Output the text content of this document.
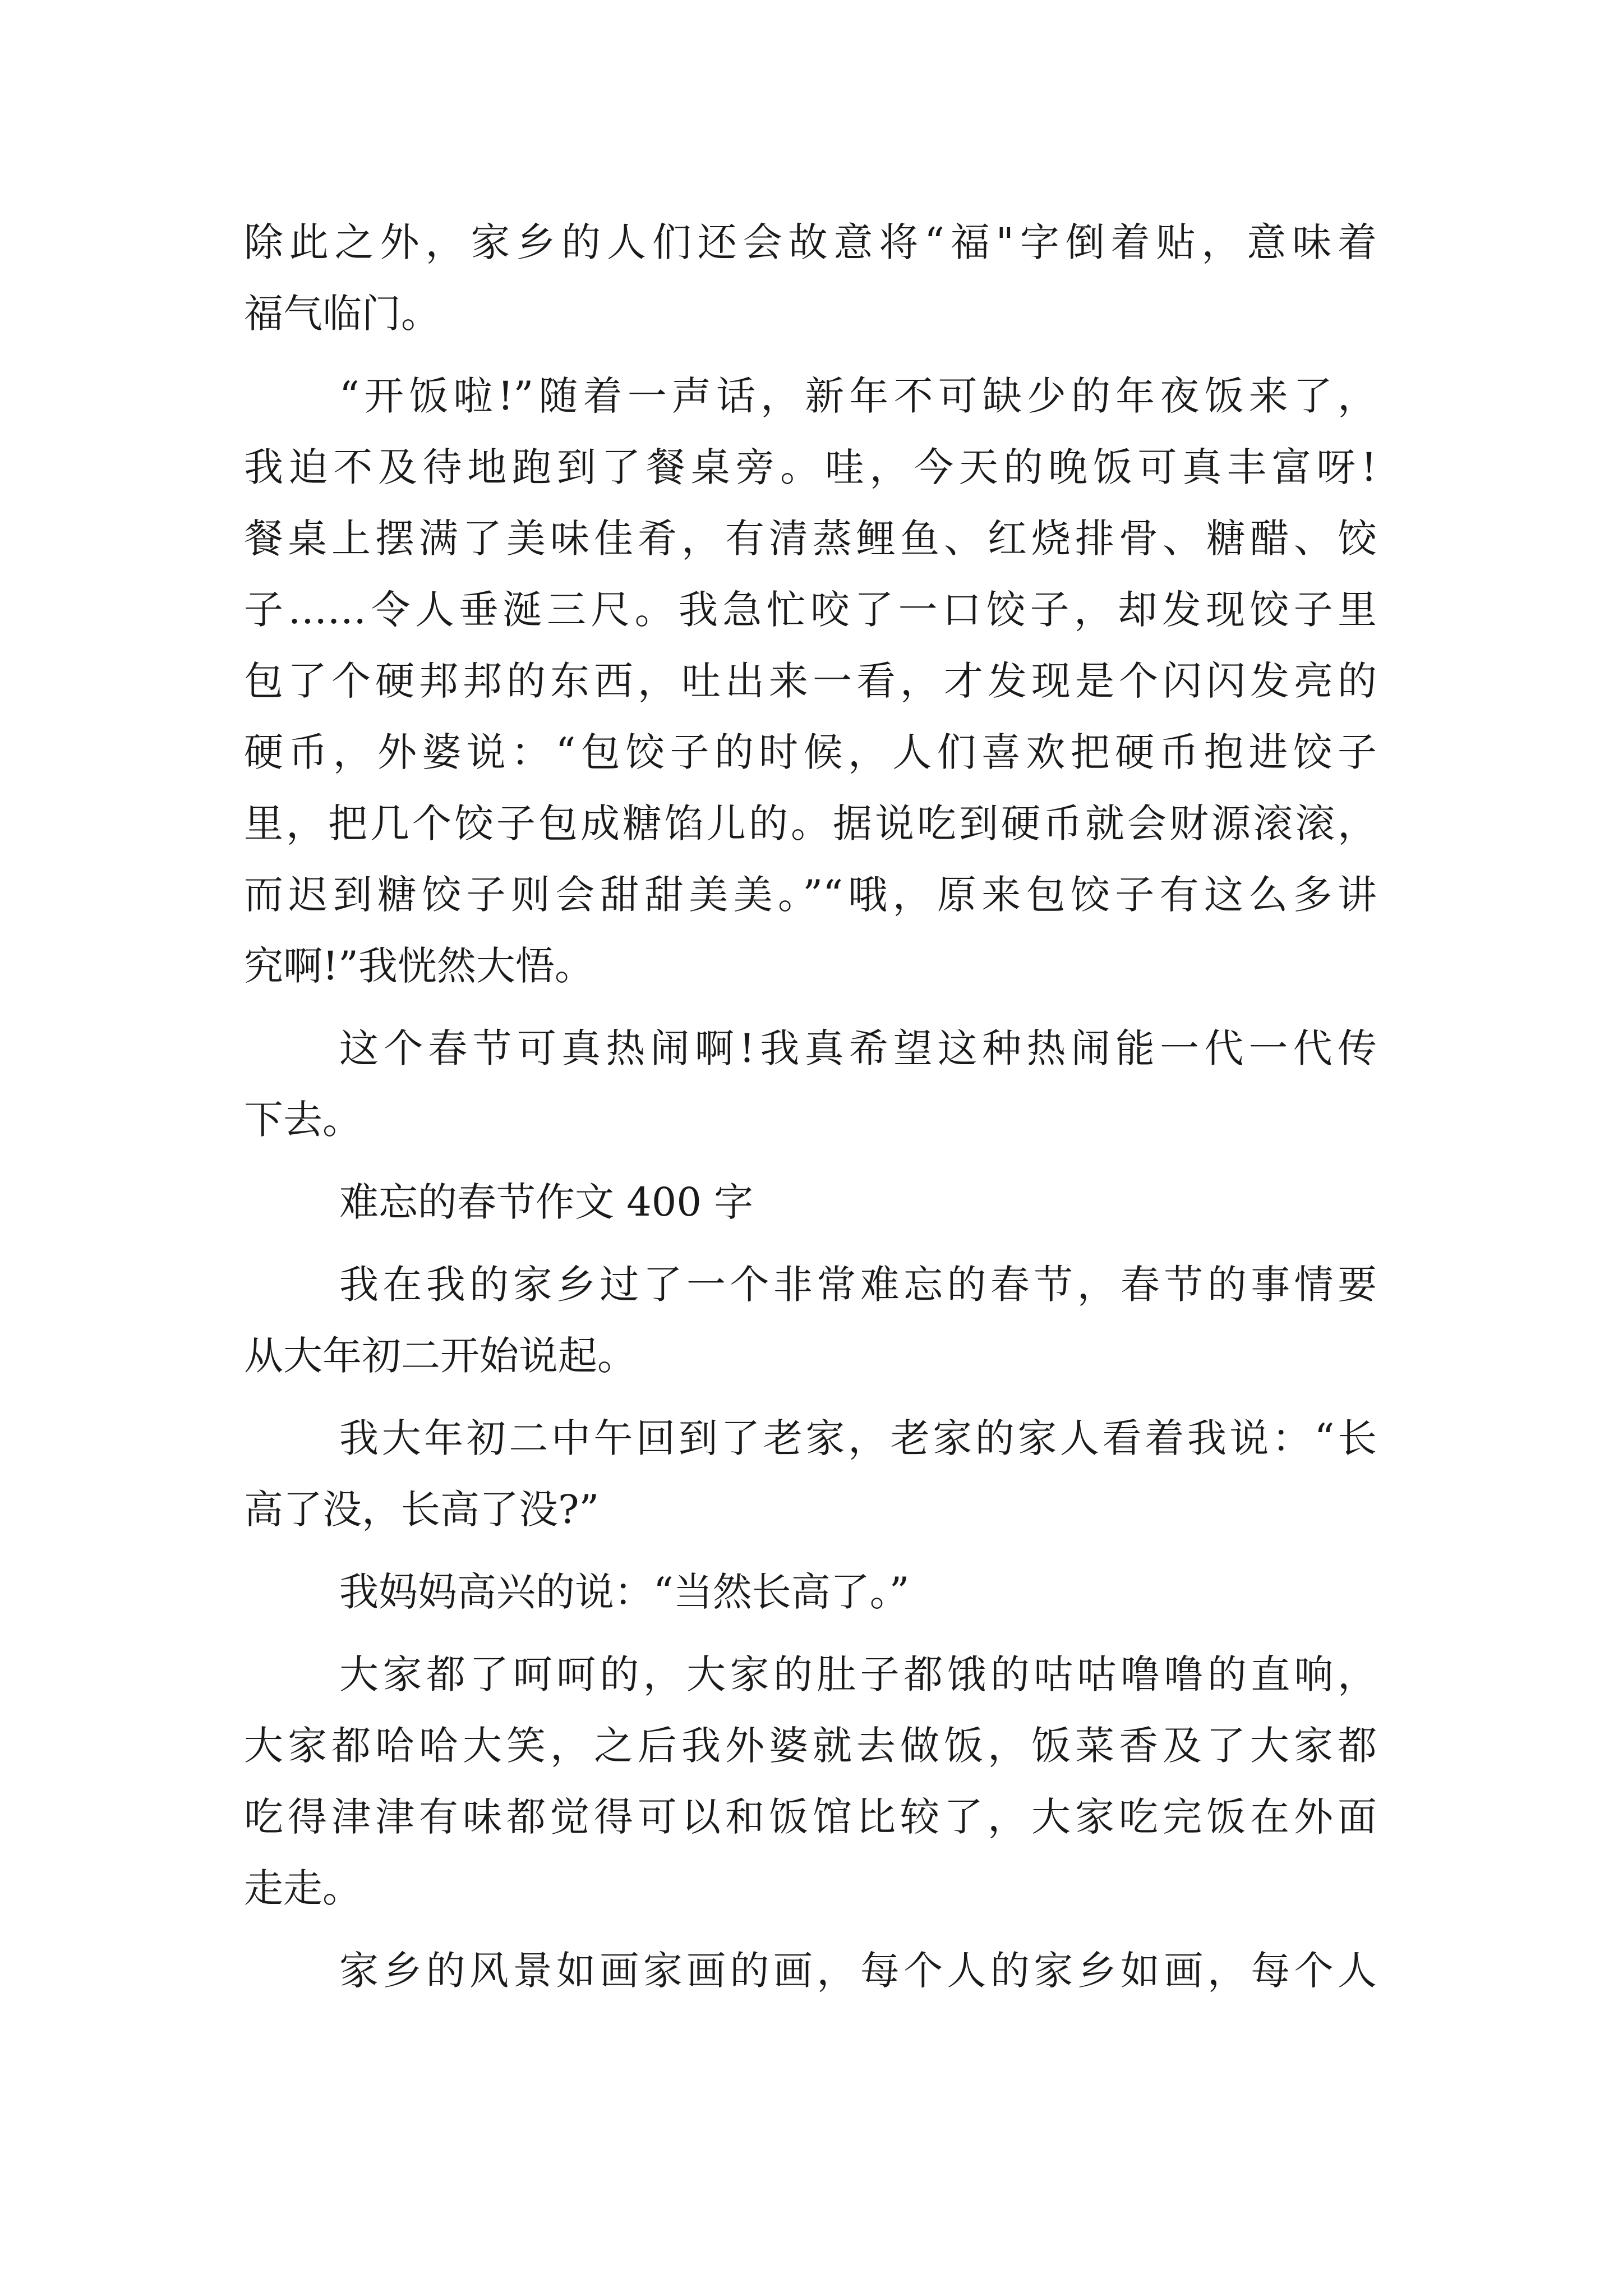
除此之外，家乡的人们还会故意将“福"字倒着贴，意味着

福气临门。

“开饭啦!”随着一声话，新年不可缺少的年夜饭来了，

我迫不及待地跑到了餐桌旁。哇，今天的晚饭可真丰富呀!

餐桌上摆满了美味佳肴，有清蒸鲤鱼、红烧排骨、糖醋、饺

子……令人垂涎三尺。我急忙咬了一口饺子，却发现饺子里

包了个硬邦邦的东西，吐出来一看，才发现是个闪闪发亮的

硬币，外婆说：“包饺子的时候，人们喜欢把硬币抱进饺子

里，把几个饺子包成糖馅儿的。据说吃到硬币就会财源滚滚，

而迟到糖饺子则会甜甜美美。”“哦，原来包饺子有这么多讲

究啊!”我恍然大悟。

这个春节可真热闹啊!我真希望这种热闹能一代一代传

下去。

难忘的春节作文 400 字

我在我的家乡过了一个非常难忘的春节，春节的事情要

从大年初二开始说起。

我大年初二中午回到了老家，老家的家人看着我说：“长

高了没，长高了没?”

我妈妈高兴的说：“当然长高了。”

大家都了呵呵的，大家的肚子都饿的咕咕噜噜的直响，

大家都哈哈大笑，之后我外婆就去做饭，饭菜香及了大家都

吃得津津有味都觉得可以和饭馆比较了，大家吃完饭在外面

走走。

家乡的风景如画家画的画，每个人的家乡如画，每个人
